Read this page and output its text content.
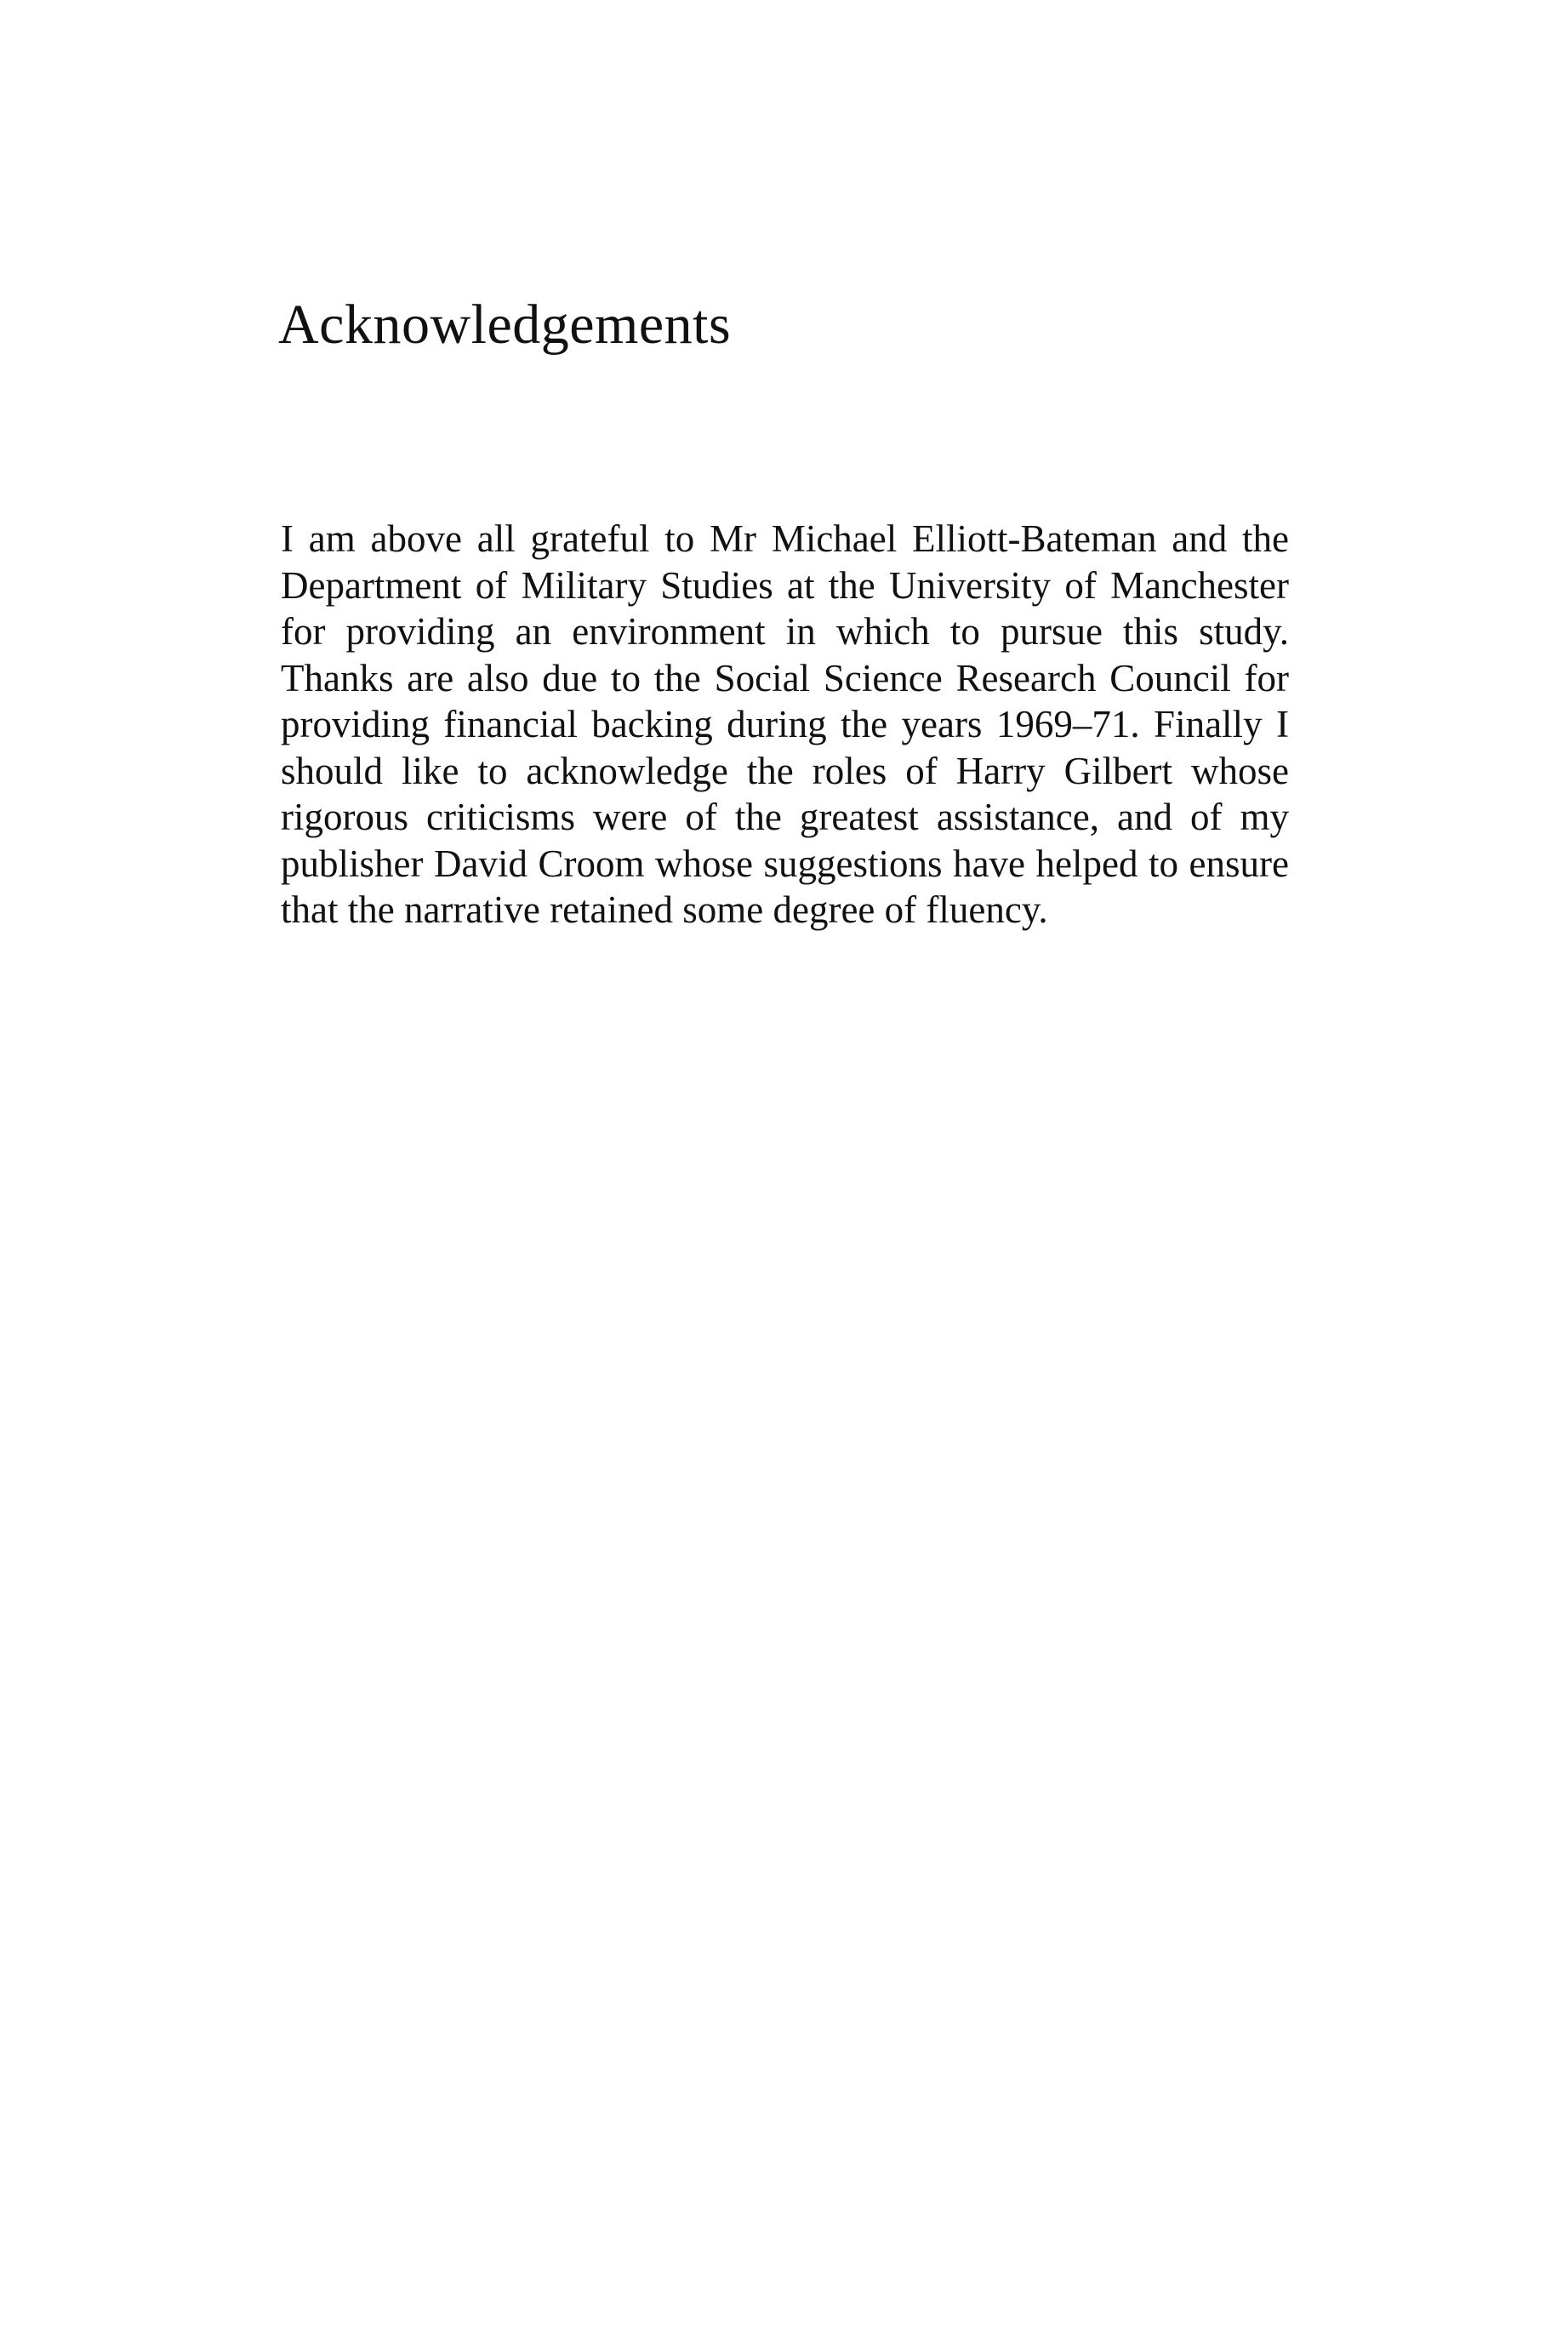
Acknowledgements
I am above all grateful to Mr Michael Elliott-Bateman and the
Department of Military Studies at the University of Manchester
for providing an environment in which to pursue this study.
Thanks are also due to the Social Science Research Council for
providing financial backing during the years 1969–71. Finally I
should like to acknowledge the roles of Harry Gilbert whose
rigorous criticisms were of the greatest assistance, and of my
publisher David Croom whose suggestions have helped to ensure
that the narrative retained some degree of fluency.
